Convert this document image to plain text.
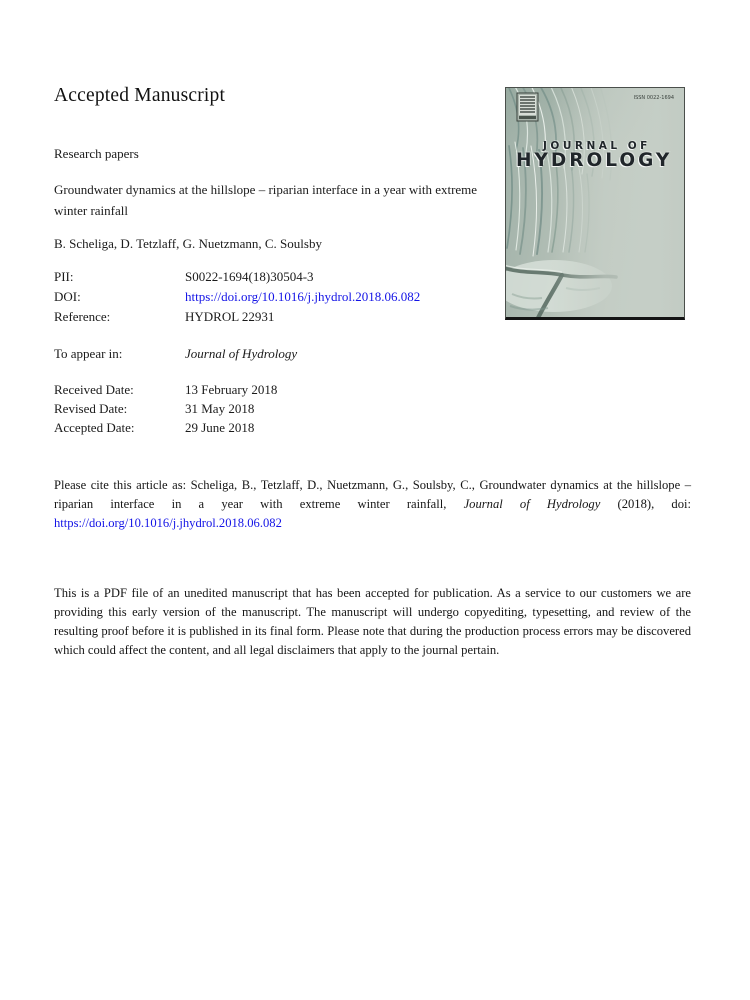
Accepted Manuscript
Research papers
Groundwater dynamics at the hillslope – riparian interface in a year with extreme winter rainfall
B. Scheliga, D. Tetzlaff, G. Nuetzmann, C. Soulsby
PII:	S0022-1694(18)30504-3
DOI:	https://doi.org/10.1016/j.jhydrol.2018.06.082
Reference:	HYDROL 22931
To appear in:	Journal of Hydrology
Received Date:	13 February 2018
Revised Date:	31 May 2018
Accepted Date:	29 June 2018

Please cite this article as: Scheliga, B., Tetzlaff, D., Nuetzmann, G., Soulsby, C., Groundwater dynamics at the hillslope – riparian interface in a year with extreme winter rainfall, Journal of Hydrology (2018), doi: https://doi.org/10.1016/j.jhydrol.2018.06.082

This is a PDF file of an unedited manuscript that has been accepted for publication. As a service to our customers we are providing this early version of the manuscript. The manuscript will undergo copyediting, typesetting, and review of the resulting proof before it is published in its final form. Please note that during the production process errors may be discovered which could affect the content, and all legal disclaimers that apply to the journal pertain.

ISSN 0022-1694
JOURNAL OF
HYDROLOGY
